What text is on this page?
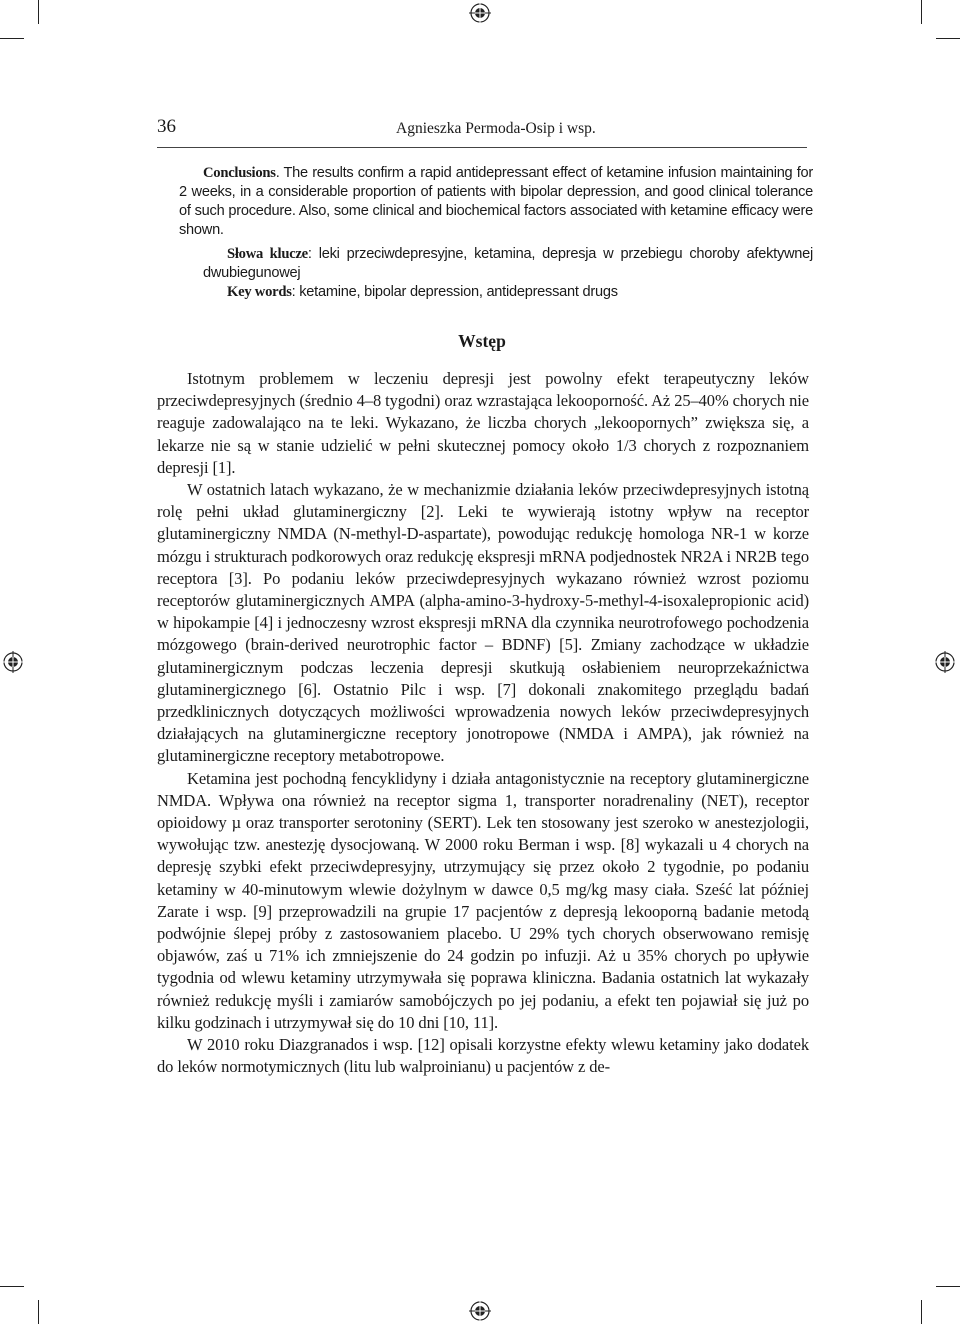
36	Agnieszka Permoda-Osip i wsp.

Conclusions. The results confirm a rapid antidepressant effect of ketamine infusion maintaining for 2 weeks, in a considerable proportion of patients with bipolar depression, and good clinical tolerance of such procedure. Also, some clinical and biochemical factors associated with ketamine efficacy were shown.

Słowa klucze: leki przeciwdepresyjne, ketamina, depresja w przebiegu choroby afektywnej dwubiegunowej

Key words: ketamine, bipolar depression, antidepressant drugs

Wstęp

Istotnym problemem w leczeniu depresji jest powolny efekt terapeutyczny leków przeciwdepresyjnych (średnio 4–8 tygodni) oraz wzrastająca lekooporność. Aż 25–40% chorych nie reaguje zadowalająco na te leki. Wykazano, że liczba chorych „lekoopornych” zwiększa się, a lekarze nie są w stanie udzielić w pełni skutecznej pomocy około 1/3 chorych z rozpoznaniem depresji [1].

W ostatnich latach wykazano, że w mechanizmie działania leków przeciwdepresyjnych istotną rolę pełni układ glutaminergiczny [2]. Leki te wywierają istotny wpływ na receptor glutaminergiczny NMDA (N-methyl-D-aspartate), powodując redukcję homologa NR-1 w korze mózgu i strukturach podkorowych oraz redukcję ekspresji mRNA podjednostek NR2A i NR2B tego receptora [3]. Po podaniu leków przeciwdepresyjnych wykazano również wzrost poziomu receptorów glutaminergicznych AMPA (alpha-amino-3-hydroxy-5-methyl-4-isoxalepropionic acid) w hipokampie [4] i jednoczesny wzrost ekspresji mRNA dla czynnika neurotrofowego pochodzenia mózgowego (brain-derived neurotrophic factor – BDNF) [5]. Zmiany zachodzące w układzie glutaminergicznym podczas leczenia depresji skutkują osłabieniem neuroprzekaźnictwa glutaminergicznego [6]. Ostatnio Pilc i wsp. [7] dokonali znakomitego przeglądu badań przedklinicznych dotyczących możliwości wprowadzenia nowych leków przeciwdepresyjnych działających na glutaminergiczne receptory jonotropowe (NMDA i AMPA), jak również na glutaminergiczne receptory metabotropowe.

Ketamina jest pochodną fencyklidyny i działa antagonistycznie na receptory glutaminergiczne NMDA. Wpływa ona również na receptor sigma 1, transporter noradrenaliny (NET), receptor opioidowy µ oraz transporter serotoniny (SERT). Lek ten stosowany jest szeroko w anestezjologii, wywołując tzw. anestezję dysocjowaną. W 2000 roku Berman i wsp. [8] wykazali u 4 chorych na depresję szybki efekt przeciwdepresyjny, utrzymujący się przez około 2 tygodnie, po podaniu ketaminy w 40-minutowym wlewie dożylnym w dawce 0,5 mg/kg masy ciała. Sześć lat później Zarate i wsp. [9] przeprowadzili na grupie 17 pacjentów z depresją lekooporną badanie metodą podwójnie ślepej próby z zastosowaniem placebo. U 29% tych chorych obserwowano remisję objawów, zaś u 71% ich zmniejszenie do 24 godzin po infuzji. Aż u 35% chorych po upływie tygodnia od wlewu ketaminy utrzymywała się poprawa kliniczna. Badania ostatnich lat wykazały również redukcję myśli i zamiarów samobójczych po jej podaniu, a efekt ten pojawiał się już po kilku godzinach i utrzymywał się do 10 dni [10, 11].

W 2010 roku Diazgranados i wsp. [12] opisali korzystne efekty wlewu ketaminy jako dodatek do leków normotymicznych (litu lub walproinianu) u pacjentów z de-
